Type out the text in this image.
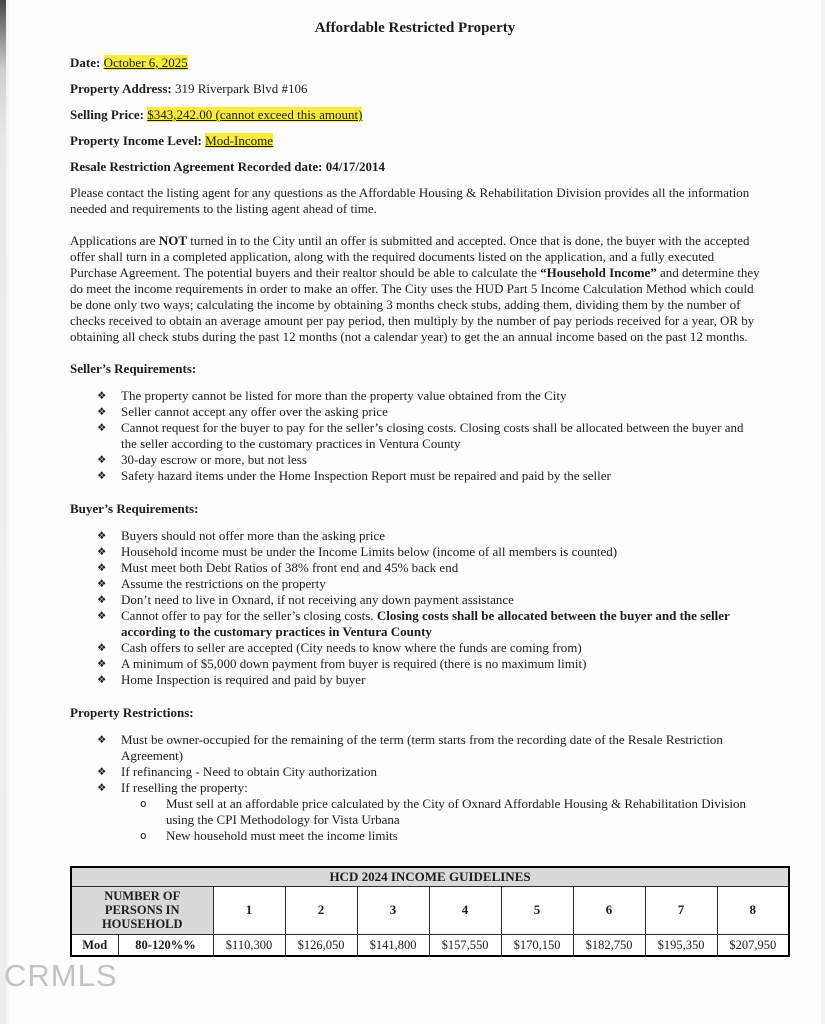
Affordable Restricted Property

Date: October 6, 2025

Property Address: 319 Riverpark Blvd #106

Selling Price: $343,242.00 (cannot exceed this amount)

Property Income Level: Mod-Income

Resale Restriction Agreement Recorded date: 04/17/2014

Please contact the listing agent for any questions as the Affordable Housing & Rehabilitation Division provides all the information needed and requirements to the listing agent ahead of time.

Applications are NOT turned in to the City until an offer is submitted and accepted. Once that is done, the buyer with the accepted offer shall turn in a completed application, along with the required documents listed on the application, and a fully executed Purchase Agreement. The potential buyers and their realtor should be able to calculate the “Household Income” and determine they do meet the income requirements in order to make an offer. The City uses the HUD Part 5 Income Calculation Method which could be done only two ways; calculating the income by obtaining 3 months check stubs, adding them, dividing them by the number of checks received to obtain an average amount per pay period, then multiply by the number of pay periods received for a year, OR by obtaining all check stubs during the past 12 months (not a calendar year) to get the an annual income based on the past 12 months.

Seller’s Requirements:
❖	The property cannot be listed for more than the property value obtained from the City
❖	Seller cannot accept any offer over the asking price
❖	Cannot request for the buyer to pay for the seller’s closing costs. Closing costs shall be allocated between the buyer and the seller according to the customary practices in Ventura County
❖	30-day escrow or more, but not less
❖	Safety hazard items under the Home Inspection Report must be repaired and paid by the seller
Buyer’s Requirements:
❖	Buyers should not offer more than the asking price
❖	Household income must be under the Income Limits below (income of all members is counted)
❖	Must meet both Debt Ratios of 38% front end and 45% back end
❖	Assume the restrictions on the property
❖	Don’t need to live in Oxnard, if not receiving any down payment assistance
❖	Cannot offer to pay for the seller’s closing costs. Closing costs shall be allocated between the buyer and the seller according to the customary practices in Ventura County
❖	Cash offers to seller are accepted (City needs to know where the funds are coming from)
❖	A minimum of $5,000 down payment from buyer is required (there is no maximum limit)
❖	Home Inspection is required and paid by buyer
Property Restrictions:
❖	Must be owner-occupied for the remaining of the term (term starts from the recording date of the Resale Restriction Agreement)
❖	If refinancing - Need to obtain City authorization
❖	If reselling the property:
o	Must sell at an affordable price calculated by the City of Oxnard Affordable Housing & Rehabilitation Division using the CPI Methodology for Vista Urbana
o	New household must meet the income limits
HCD 2024 INCOME GUIDELINES									
NUMBER OF PERSONS IN HOUSEHOLD		1	2	3	4	5	6	7	8
Mod	80-120%%	$110,300	$126,050	$141,800	$157,550	$170,150	$182,750	$195,350	$207,950
CRMLS
